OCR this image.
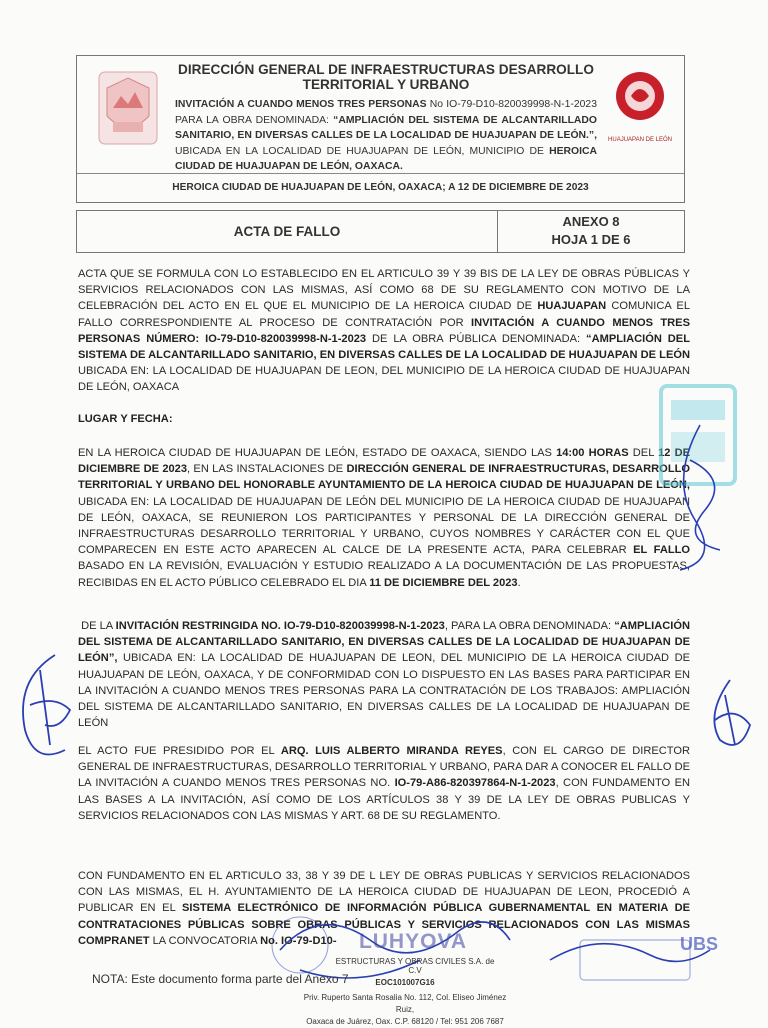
DIRECCIÓN GENERAL DE INFRAESTRUCTURAS DESARROLLO TERRITORIAL Y URBANO
INVITACIÓN A CUANDO MENOS TRES PERSONAS No IO-79-D10-820039998-N-1-2023 PARA LA OBRA DENOMINADA: “AMPLIACIÓN DEL SISTEMA DE ALCANTARILLADO SANITARIO, EN DIVERSAS CALLES DE LA LOCALIDAD DE HUAJUAPAN DE LEÓN.”, UBICADA EN LA LOCALIDAD DE HUAJUAPAN DE LEÓN, MUNICIPIO DE HEROICA CIUDAD DE HUAJUAPAN DE LEÓN, OAXACA.
HUAJUAPAN DE LEÓN
HEROICA CIUDAD DE HUAJUAPAN DE LEÓN, OAXACA; A 12 DE DICIEMBRE DE 2023
ACTA DE FALLO
ANEXO 8
HOJA 1 DE 6

ACTA QUE SE FORMULA CON LO ESTABLECIDO EN EL ARTICULO 39 Y 39 BIS DE LA LEY DE OBRAS PÚBLICAS Y SERVICIOS RELACIONADOS CON LAS MISMAS, ASÍ COMO 68 DE SU REGLAMENTO CON MOTIVO DE LA CELEBRACIÓN DEL ACTO EN EL QUE EL MUNICIPIO DE LA HEROICA CIUDAD DE HUAJUAPAN COMUNICA EL FALLO CORRESPONDIENTE AL PROCESO DE CONTRATACIÓN POR INVITACIÓN A CUANDO MENOS TRES PERSONAS NÚMERO: IO-79-D10-820039998-N-1-2023 DE LA OBRA PÚBLICA DENOMINADA: “AMPLIACIÓN DEL SISTEMA DE ALCANTARILLADO SANITARIO, EN DIVERSAS CALLES DE LA LOCALIDAD DE HUAJUAPAN DE LEÓN UBICADA EN: LA LOCALIDAD DE HUAJUAPAN DE LEON, DEL MUNICIPIO DE LA HEROICA CIUDAD DE HUAJUAPAN DE LEÓN, OAXACA

LUGAR Y FECHA:

EN LA HEROICA CIUDAD DE HUAJUAPAN DE LEÓN, ESTADO DE OAXACA, SIENDO LAS 14:00 HORAS DEL 12 DE DICIEMBRE DE 2023, EN LAS INSTALACIONES DE DIRECCIÓN GENERAL DE INFRAESTRUCTURAS, DESARROLLO TERRITORIAL Y URBANO DEL HONORABLE AYUNTAMIENTO DE LA HEROICA CIUDAD DE HUAJUAPAN DE LEÓN, UBICADA EN: LA LOCALIDAD DE HUAJUAPAN DE LEÓN DEL MUNICIPIO DE LA HEROICA CIUDAD DE HUAJUAPAN DE LEÓN, OAXACA, SE REUNIERON LOS PARTICIPANTES Y PERSONAL DE LA DIRECCIÓN GENERAL DE INFRAESTRUCTURAS DESARROLLO TERRITORIAL Y URBANO, CUYOS NOMBRES Y CARÁCTER CON EL QUE COMPARECEN EN ESTE ACTO APARECEN AL CALCE DE LA PRESENTE ACTA, PARA CELEBRAR EL FALLO BASADO EN LA REVISIÓN, EVALUACIÓN Y ESTUDIO REALIZADO A LA DOCUMENTACIÓN DE LAS PROPUESTAS, RECIBIDAS EN EL ACTO PÚBLICO CELEBRADO EL DIA 11 DE DICIEMBRE DEL 2023.

DE LA INVITACIÓN RESTRINGIDA NO. IO-79-D10-820039998-N-1-2023, PARA LA OBRA DENOMINADA: “AMPLIACIÓN DEL SISTEMA DE ALCANTARILLADO SANITARIO, EN DIVERSAS CALLES DE LA LOCALIDAD DE HUAJUAPAN DE LEÓN”, UBICADA EN: LA LOCALIDAD DE HUAJUAPAN DE LEON, DEL MUNICIPIO DE LA HEROICA CIUDAD DE HUAJUAPAN DE LEÓN, OAXACA, Y DE CONFORMIDAD CON LO DISPUESTO EN LAS BASES PARA PARTICIPAR EN LA INVITACIÓN A CUANDO MENOS TRES PERSONAS PARA LA CONTRATACIÓN DE LOS TRABAJOS: AMPLIACIÓN DEL SISTEMA DE ALCANTARILLADO SANITARIO, EN DIVERSAS CALLES DE LA LOCALIDAD DE HUAJUAPAN DE LEÓN

EL ACTO FUE PRESIDIDO POR EL ARQ. LUIS ALBERTO MIRANDA REYES, CON EL CARGO DE DIRECTOR GENERAL DE INFRAESTRUCTURAS, DESARROLLO TERRITORIAL Y URBANO, PARA DAR A CONOCER EL FALLO DE LA INVITACIÓN A CUANDO MENOS TRES PERSONAS NO. IO-79-A86-820397864-N-1-2023, CON FUNDAMENTO EN LAS BASES A LA INVITACIÓN, ASÍ COMO DE LOS ARTÍCULOS 38 Y 39 DE LA LEY DE OBRAS PUBLICAS Y SERVICIOS RELACIONADOS CON LAS MISMAS Y ART. 68 DE SU REGLAMENTO.

CON FUNDAMENTO EN EL ARTICULO 33, 38 Y 39 DE L LEY DE OBRAS PUBLICAS Y SERVICIOS RELACIONADOS CON LAS MISMAS, EL H. AYUNTAMIENTO DE LA HEROICA CIUDAD DE HUAJUAPAN DE LEON, PROCEDIÓ A PUBLICAR EN EL SISTEMA ELECTRÓNICO DE INFORMACIÓN PÚBLICA GUBERNAMENTAL EN MATERIA DE CONTRATACIONES PÚBLICAS SOBRE OBRAS PÚBLICAS Y SERVICIOS RELACIONADOS CON LAS MISMAS COMPRANET LA CONVOCATORIA No. IO-79-D10-	UBS
LUHYOVA
ESTRUCTURAS Y OBRAS CIVILES S.A. de C.V
EOC101007G16
Priv. Ruperto Santa Rosalia No. 112, Col. Eliseo Jiménez Ruiz,
Oaxaca de Juárez, Oax. C.P. 68120 / Tel: 951 206 7687
NOTA: Este documento forma parte del Anexo 7
